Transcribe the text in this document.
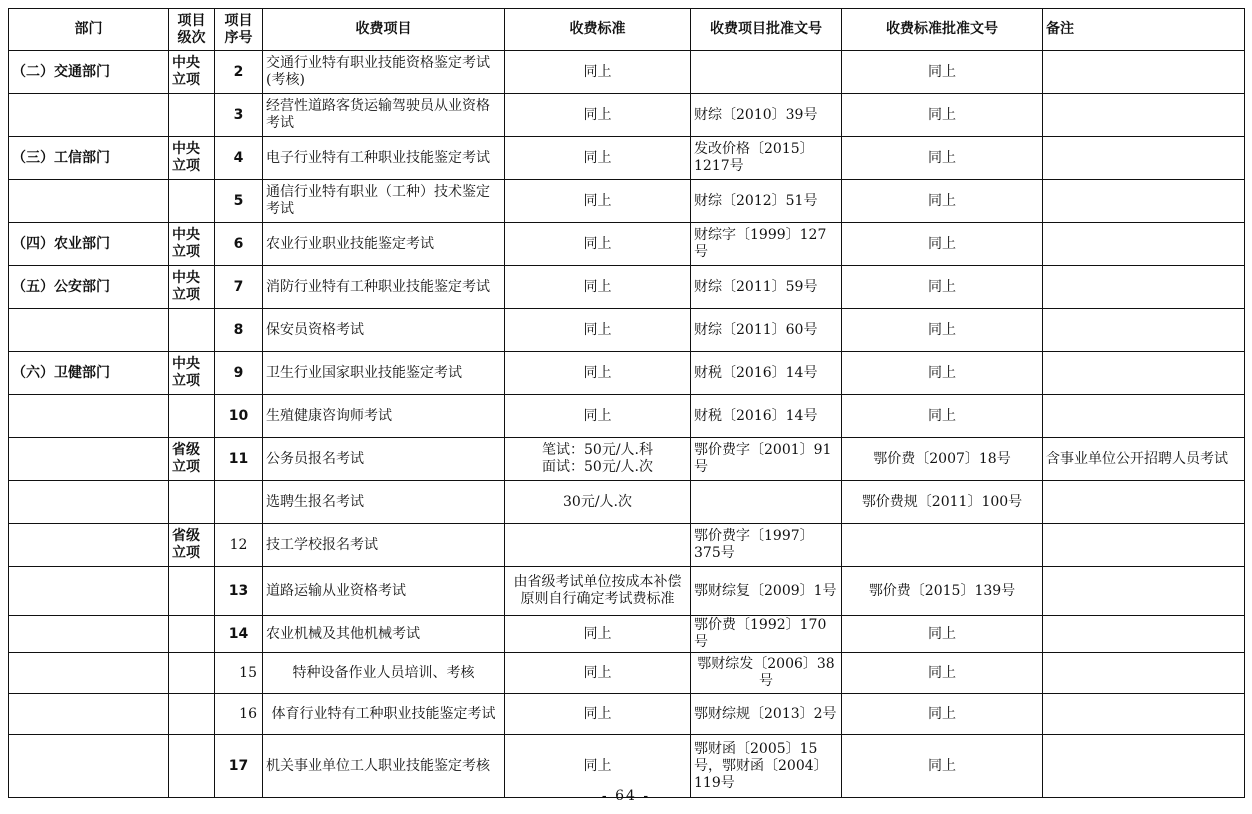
部门	项目级次	项目序号	收费项目	收费标准	收费项目批准文号	收费标准批准文号	备注
（二）交通部门	中央立项	2	交通行业特有职业技能资格鉴定考试(考核)	同上		同上	
		3	经营性道路客货运输驾驶员从业资格考试	同上	财综〔2010〕39号	同上	
（三）工信部门	中央立项	4	电子行业特有工种职业技能鉴定考试	同上	发改价格〔2015〕1217号	同上	
		5	通信行业特有职业（工种）技术鉴定考试	同上	财综〔2012〕51号	同上	
（四）农业部门	中央立项	6	农业行业职业技能鉴定考试	同上	财综字〔1999〕127号	同上	
（五）公安部门	中央立项	7	消防行业特有工种职业技能鉴定考试	同上	财综〔2011〕59号	同上	
		8	保安员资格考试	同上	财综〔2011〕60号	同上	
（六）卫健部门	中央立项	9	卫生行业国家职业技能鉴定考试	同上	财税〔2016〕14号	同上	
		10	生殖健康咨询师考试	同上	财税〔2016〕14号	同上	
	省级立项	11	公务员报名考试	笔试：50元/人.科
面试：50元/人.次	鄂价费字〔2001〕91号	鄂价费〔2007〕18号	含事业单位公开招聘人员考试
			选聘生报名考试	30元/人.次		鄂价费规〔2011〕100号	
	省级立项	12	技工学校报名考试		鄂价费字〔1997〕375号		
		13	道路运输从业资格考试	由省级考试单位按成本补偿原则自行确定考试费标准	鄂财综复〔2009〕1号	鄂价费〔2015〕139号	
		14	农业机械及其他机械考试	同上	鄂价费〔1992〕170号	同上	
		15	特种设备作业人员培训、考核	同上	鄂财综发〔2006〕38号	同上	
		16	体育行业特有工种职业技能鉴定考试	同上	鄂财综规〔2013〕2号	同上	
		17	机关事业单位工人职业技能鉴定考核	同上	鄂财函〔2005〕15号，鄂财函〔2004〕119号	同上	
- 64 -
